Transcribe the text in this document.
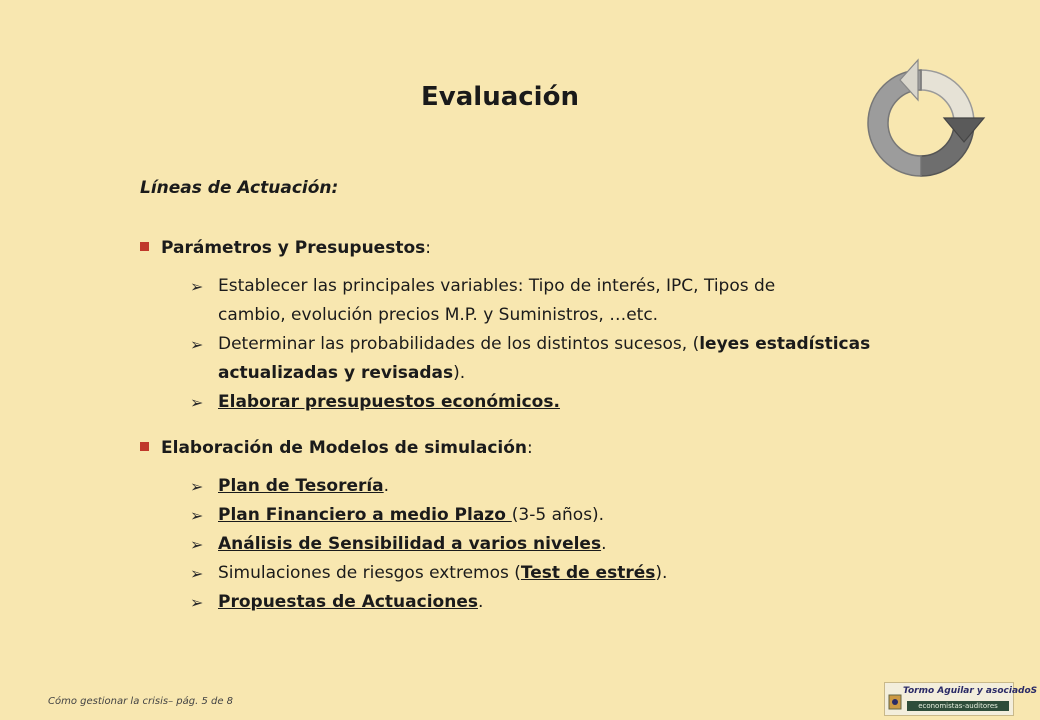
Evaluación
Líneas de Actuación:
Parámetros y Presupuestos:
➢ Establecer las principales variables: Tipo de interés, IPC, Tipos de
cambio, evolución precios M.P. y Suministros, …etc.
➢ Determinar las probabilidades de los distintos sucesos, (leyes estadísticas actualizadas y revisadas).
➢ Elaborar presupuestos económicos.
Elaboración de Modelos de simulación:
➢ Plan de Tesorería.
➢ Plan Financiero a medio Plazo (3-5 años).
➢ Análisis de Sensibilidad a varios niveles.
➢ Simulaciones de riesgos extremos (Test de estrés).
➢ Propuestas de Actuaciones.
Cómo gestionar la crisis– pág. 5 de 8
Tormo Aguilar y asociadoS
economistas-auditores
